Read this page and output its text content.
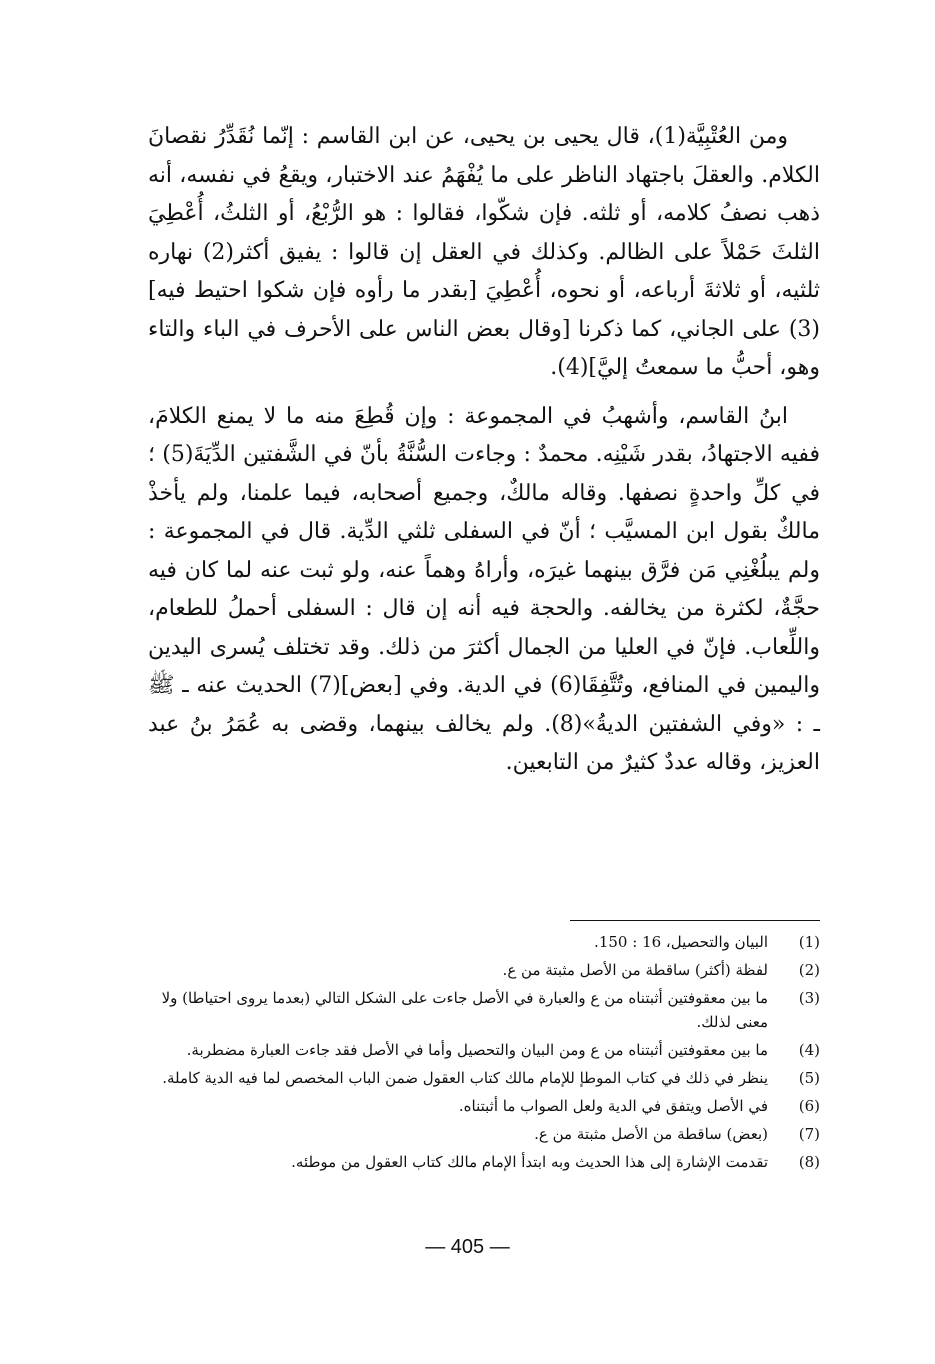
ومن العُتْبِيَّة(1)، قال يحيى بن يحيى، عن ابن القاسم : إنّما نُقَدِّرُ نقصانَ الكلام. والعقلَ باجتهاد الناظر على ما يُفْهَمُ عند الاختبار، ويقعُ في نفسه، أنه ذهب نصفُ كلامه، أو ثلثه. فإن شكّوا، فقالوا : هو الرُّبْعُ، أو الثلثُ، أُعْطِيَ الثلثَ حَمْلاً على الظالم. وكذلك في العقل إن قالوا : يفيق أكثر(2) نهاره ثلثيه، أو ثلاثةَ أرباعه، أو نحوه، أُعْطِيَ [بقدر ما رأوه فإن شكوا احتيط فيه](3) على الجاني، كما ذكرنا [وقال بعض الناس على الأحرف في الباء والتاء وهو، أحبُّ ما سمعتُ إليَّ](4).

ابنُ القاسم، وأشهبُ في المجموعة : وإن قُطِعَ منه ما لا يمنع الكلامَ، ففيه الاجتهادُ، بقدر شَيْنِه. محمدٌ : وجاءت السُّنَّةُ بأنّ في الشَّفتين الدِّيَةَ(5) ؛ في كلِّ واحدةٍ نصفها. وقاله مالكٌ، وجميع أصحابه، فيما علمنا، ولم يأخذْ مالكٌ بقول ابن المسيَّب ؛ أنّ في السفلى ثلثي الدِّية. قال في المجموعة : ولم يبلُغْنِي مَن فرَّق بينهما غيرَه، وأراهُ وهماً عنه، ولو ثبت عنه لما كان فيه حجَّةٌ، لكثرة من يخالفه. والحجة فيه أنه إن قال : السفلى أحملُ للطعام، واللِّعاب. فإنّ في العليا من الجمال أكثرَ من ذلك. وقد تختلف يُسرى اليدين واليمين في المنافع، وتُتَّفِقَا(6) في الدية. وفي [بعض](7) الحديث عنه ـ ﷺ ـ : «وفي الشفتين الديةُ»(8). ولم يخالف بينهما، وقضى به عُمَرُ بنُ عبد العزيز، وقاله عددٌ كثيرٌ من التابعين.

(1)
البيان والتحصيل، 16 : 150.
(2)
لفظة (أكثر) ساقطة من الأصل مثبتة من ع.
(3)
ما بين معقوفتين أثبتناه من ع والعبارة في الأصل جاءت على الشكل التالي (بعدما يروى احتياطا) ولا معنى لذلك.
(4)
ما بين معقوفتين أثبتناه من ع ومن البيان والتحصيل وأما في الأصل فقد جاءت العبارة مضطربة.
(5)
ينظر في ذلك في كتاب الموطإ للإمام مالك كتاب العقول ضمن الباب المخصص لما فيه الدية كاملة.
(6)
في الأصل ويتفق في الدية ولعل الصواب ما أثبتناه.
(7)
(بعض) ساقطة من الأصل مثبتة من ع.
(8)
تقدمت الإشارة إلى هذا الحديث وبه ابتدأ الإمام مالك كتاب العقول من موطئه.
— 405 —
